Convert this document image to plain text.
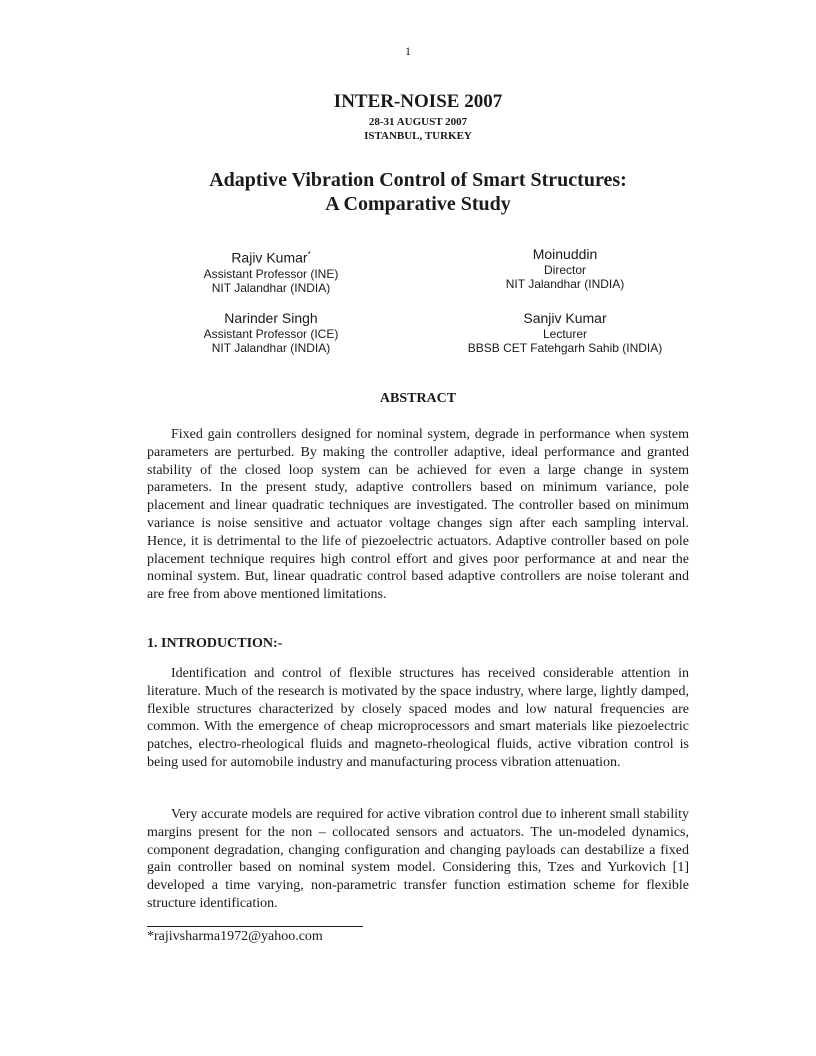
1
INTER-NOISE 2007
28-31 AUGUST 2007
ISTANBUL, TURKEY
Adaptive Vibration Control of Smart Structures:
A Comparative Study
Rajiv Kumar*
Assistant Professor (INE)
NIT Jalandhar (INDIA)
Moinuddin
Director
NIT Jalandhar (INDIA)
Narinder Singh
Assistant Professor (ICE)
NIT Jalandhar (INDIA)
Sanjiv Kumar
Lecturer
BBSB CET Fatehgarh Sahib (INDIA)
ABSTRACT

Fixed gain controllers designed for nominal system, degrade in performance when system parameters are perturbed. By making the controller adaptive, ideal performance and granted stability of the closed loop system can be achieved for even a large change in system parameters. In the present study, adaptive controllers based on minimum variance, pole placement and linear quadratic techniques are investigated. The controller based on minimum variance is noise sensitive and actuator voltage changes sign after each sampling interval. Hence, it is detrimental to the life of piezoelectric actuators. Adaptive controller based on pole placement technique requires high control effort and gives poor performance at and near the nominal system. But, linear quadratic control based adaptive controllers are noise tolerant and are free from above mentioned limitations.

1. INTRODUCTION:-

Identification and control of flexible structures has received considerable attention in literature. Much of the research is motivated by the space industry, where large, lightly damped, flexible structures characterized by closely spaced modes and low natural frequencies are common. With the emergence of cheap microprocessors and smart materials like piezoelectric patches, electro-rheological fluids and magneto-rheological fluids, active vibration control is being used for automobile industry and manufacturing process vibration attenuation.

Very accurate models are required for active vibration control due to inherent small stability margins present for the non – collocated sensors and actuators. The un-modeled dynamics, component degradation, changing configuration and changing payloads can destabilize a fixed gain controller based on nominal system model. Considering this, Tzes and Yurkovich [1] developed a time varying, non-parametric transfer function estimation scheme for flexible structure identification.

*rajivsharma1972@yahoo.com
